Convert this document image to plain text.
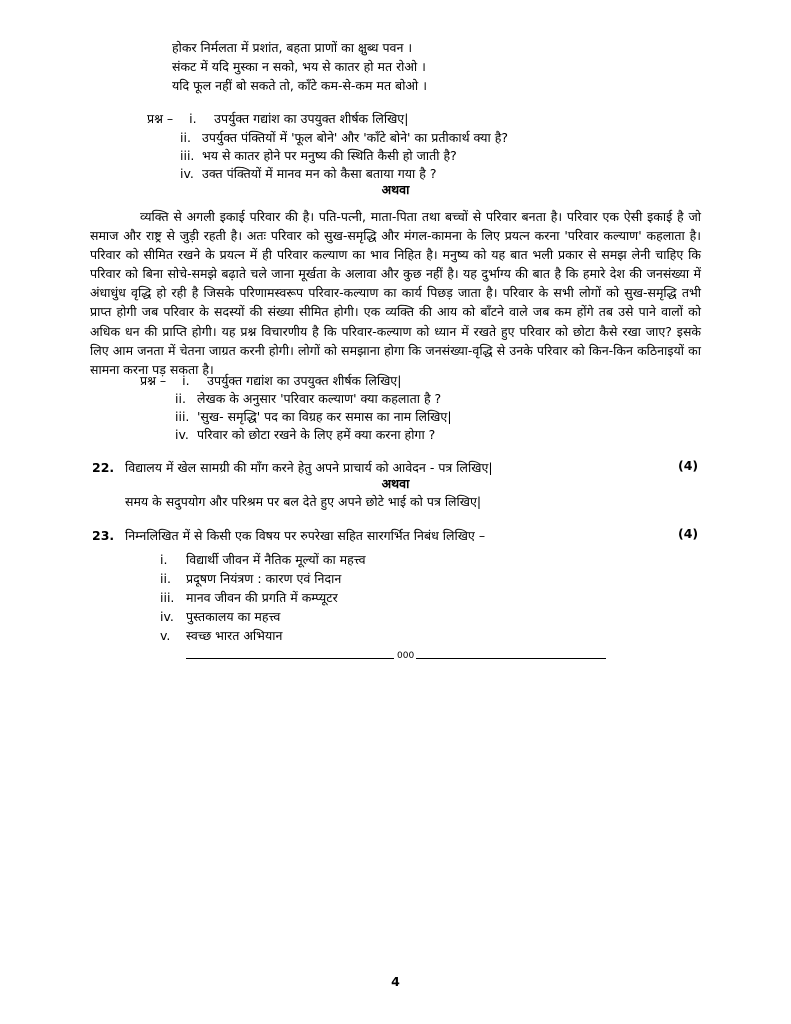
होकर निर्मलता में प्रशांत, बहता प्राणों का क्षुब्ध पवन ।
संकट में यदि मुस्का न सको, भय से कातर हो मत रोओ ।
यदि फूल नहीं बो सकते तो, काँटे कम-से-कम मत बोओ ।
प्रश्न – i. उपर्युक्त गद्यांश का उपयुक्त शीर्षक लिखिए|
ii. उपर्युक्त पंक्तियों में 'फूल बोने' और 'काँटे बोने' का प्रतीकार्थ क्या है?
iii. भय से कातर होने पर मनुष्य की स्थिति कैसी हो जाती है?
iv. उक्त पंक्तियों में मानव मन को कैसा बताया गया है ?
अथवा
व्यक्ति से अगली इकाई परिवार की है। पति-पत्नी, माता-पिता तथा बच्चों से परिवार बनता है। परिवार एक ऐसी इकाई है जो समाज और राष्ट्र से जुड़ी रहती है। अतः परिवार को सुख-समृद्धि और मंगल-कामना के लिए प्रयत्न करना 'परिवार कल्याण' कहलाता है। परिवार को सीमित रखने के प्रयत्न में ही परिवार कल्याण का भाव निहित है। मनुष्य को यह बात भली प्रकार से समझ लेनी चाहिए कि परिवार को बिना सोचे-समझे बढ़ाते चले जाना मूर्खता के अलावा और कुछ नहीं है। यह दुर्भाग्य की बात है कि हमारे देश की जनसंख्या में अंधाधुंध वृद्धि हो रही है जिसके परिणामस्वरूप परिवार-कल्याण का कार्य पिछड़ जाता है। परिवार के सभी लोगों को सुख-समृद्धि तभी प्राप्त होगी जब परिवार के सदस्यों की संख्या सीमित होगी। एक व्यक्ति की आय को बाँटने वाले जब कम होंगे तब उसे पाने वालों को अधिक धन की प्राप्ति होगी। यह प्रश्न विचारणीय है कि परिवार-कल्याण को ध्यान में रखते हुए परिवार को छोटा कैसे रखा जाए? इसके लिए आम जनता में चेतना जाग्रत करनी होगी। लोगों को समझाना होगा कि जनसंख्या-वृद्धि से उनके परिवार को किन-किन कठिनाइयों का सामना करना पड़ सकता है।
प्रश्न – i. उपर्युक्त गद्यांश का उपयुक्त शीर्षक लिखिए|
ii. लेखक के अनुसार 'परिवार कल्याण' क्या कहलाता है ?
iii. 'सुख- समृद्धि' पद का विग्रह कर समास का नाम लिखिए|
iv. परिवार को छोटा रखने के लिए हमें क्या करना होगा ?
22. विद्यालय में खेल सामग्री की माँग करने हेतु अपने प्राचार्य को आवेदन - पत्र लिखिए|	(4)
अथवा
समय के सदुपयोग और परिश्रम पर बल देते हुए अपने छोटे भाई को पत्र लिखिए|
23. निम्नलिखित में से किसी एक विषय पर रुपरेखा सहित सारगर्भित निबंध लिखिए –	(4)
i. विद्यार्थी जीवन में नैतिक मूल्यों का महत्त्व
ii. प्रदूषण नियंत्रण : कारण एवं निदान
iii. मानव जीवन की प्रगति में कम्प्यूटर
iv. पुस्तकालय का महत्त्व
v. स्वच्छ भारत अभियान
000
4
